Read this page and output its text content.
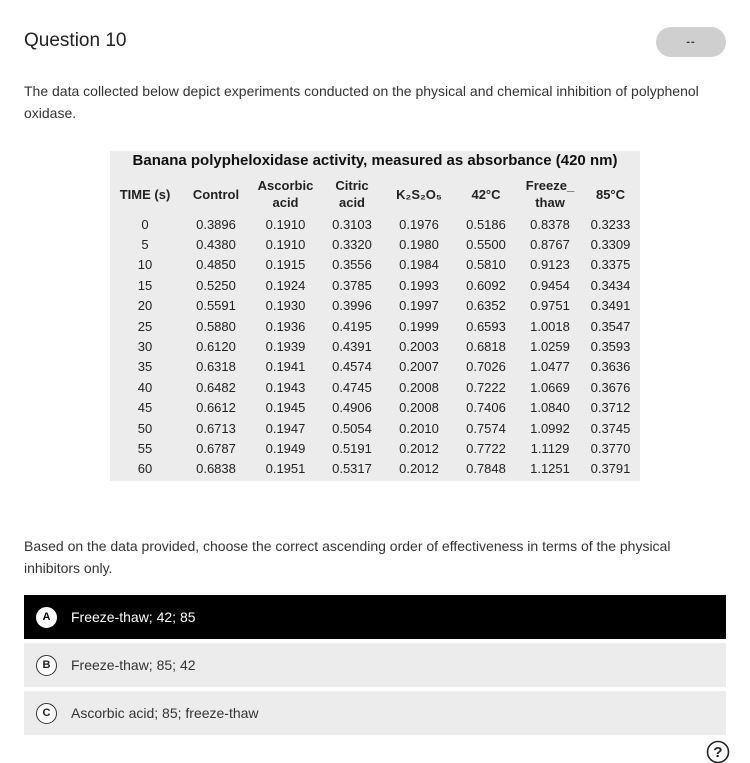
Question 10	--
The data collected below depict experiments conducted on the physical and chemical inhibition of polyphenol oxidase.
Banana polypheloxidase activity, measured as absorbance (420 nm)
TIME (s)	Control	Ascorbic acid	Citric acid	K₂S₂O₅	42°C	Freeze_ thaw	85°C
0	0.3896	0.1910	0.3103	0.1976	0.5186	0.8378	0.3233
5	0.4380	0.1910	0.3320	0.1980	0.5500	0.8767	0.3309
10	0.4850	0.1915	0.3556	0.1984	0.5810	0.9123	0.3375
15	0.5250	0.1924	0.3785	0.1993	0.6092	0.9454	0.3434
20	0.5591	0.1930	0.3996	0.1997	0.6352	0.9751	0.3491
25	0.5880	0.1936	0.4195	0.1999	0.6593	1.0018	0.3547
30	0.6120	0.1939	0.4391	0.2003	0.6818	1.0259	0.3593
35	0.6318	0.1941	0.4574	0.2007	0.7026	1.0477	0.3636
40	0.6482	0.1943	0.4745	0.2008	0.7222	1.0669	0.3676
45	0.6612	0.1945	0.4906	0.2008	0.7406	1.0840	0.3712
50	0.6713	0.1947	0.5054	0.2010	0.7574	1.0992	0.3745
55	0.6787	0.1949	0.5191	0.2012	0.7722	1.1129	0.3770
60	0.6838	0.1951	0.5317	0.2012	0.7848	1.1251	0.3791
Based on the data provided, choose the correct ascending order of effectiveness in terms of the physical inhibitors only.
A	Freeze-thaw; 42; 85
B	Freeze-thaw; 85; 42
C	Ascorbic acid; 85; freeze-thaw
?
